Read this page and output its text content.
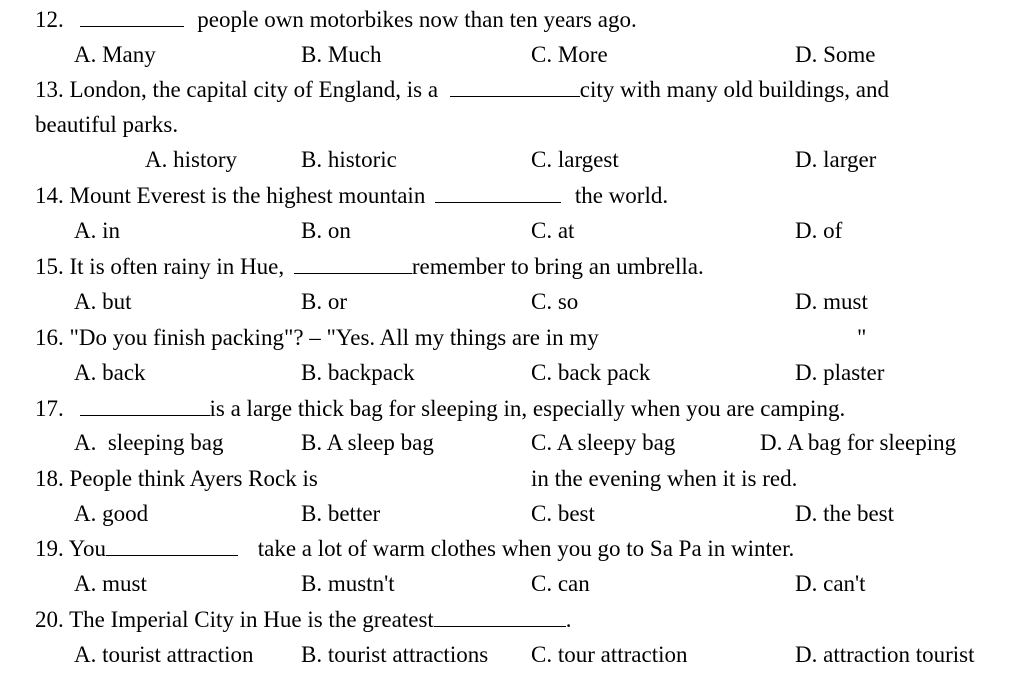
12.	people own motorbikes now than ten years ago.
A. Many	B. Much	C. More	D. Some
13. London, the capital city of England, is a	city with many old buildings, and
beautiful parks.
A. history	B. historic	C. largest	D. larger
14. Mount Everest is the highest mountain	the world.
A. in	B. on	C. at	D. of
15. It is often rainy in Hue,	remember to bring an umbrella.
A. but	B. or	C. so	D. must
16. "Do you finish packing"? – "Yes. All my things are in my	"
A. back	B. backpack	C. back pack	D. plaster
17.	is a large thick bag for sleeping in, especially when you are camping.
A.  sleeping bag	B. A sleep bag	C. A sleepy bag	D. A bag for sleeping
18. People think Ayers Rock is	in the evening when it is red.
A. good	B. better	C. best	D. the best
19. You	take a lot of warm clothes when you go to Sa Pa in winter.
A. must	B. mustn't	C. can	D. can't
20. The Imperial City in Hue is the greatest	.
A. tourist attraction B. tourist attractions C. tour attraction	D. attraction tourist
